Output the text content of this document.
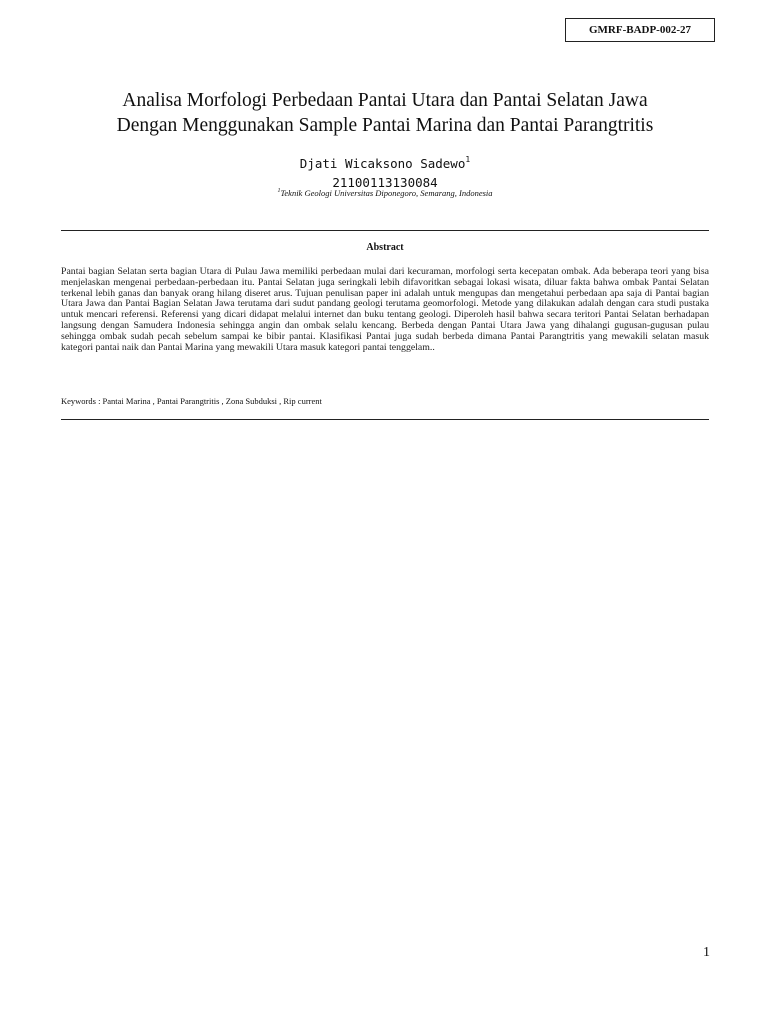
GMRF-BADP-002-27
Analisa Morfologi Perbedaan Pantai Utara dan Pantai Selatan Jawa
Dengan Menggunakan Sample Pantai Marina dan Pantai Parangtritis
Djati Wicaksono Sadewo$^1$
21100113130084
$^1$Teknik Geologi Universitas Diponegoro, Semarang, Indonesia
Abstract
Pantai bagian Selatan serta bagian Utara di Pulau Jawa memiliki perbedaan mulai dari kecuraman, morfologi serta kecepatan ombak. Ada beberapa teori yang bisa menjelaskan mengenai perbedaan-perbedaan itu. Pantai Selatan juga seringkali lebih difavoritkan sebagai lokasi wisata, diluar fakta bahwa ombak Pantai Selatan terkenal lebih ganas dan banyak orang hilang diseret arus. Tujuan penulisan paper ini adalah untuk mengupas dan mengetahui perbedaan apa saja di Pantai bagian Utara Jawa dan Pantai Bagian Selatan Jawa terutama dari sudut pandang geologi terutama geomorfologi. Metode yang dilakukan adalah dengan cara studi pustaka untuk mencari referensi. Referensi yang dicari didapat melalui internet dan buku tentang geologi. Diperoleh hasil bahwa secara teritori Pantai Selatan berhadapan langsung dengan Samudera Indonesia sehingga angin dan ombak selalu kencang. Berbeda dengan Pantai Utara Jawa yang dihalangi gugusan-gugusan pulau sehingga ombak sudah pecah sebelum sampai ke bibir pantai. Klasifikasi Pantai juga sudah berbeda dimana Pantai Parangtritis yang mewakili selatan masuk kategori pantai naik dan Pantai Marina yang mewakili Utara masuk kategori pantai tenggelam..
Keywords : Pantai Marina , Pantai Parangtritis , Zona Subduksi , Rip current
1
